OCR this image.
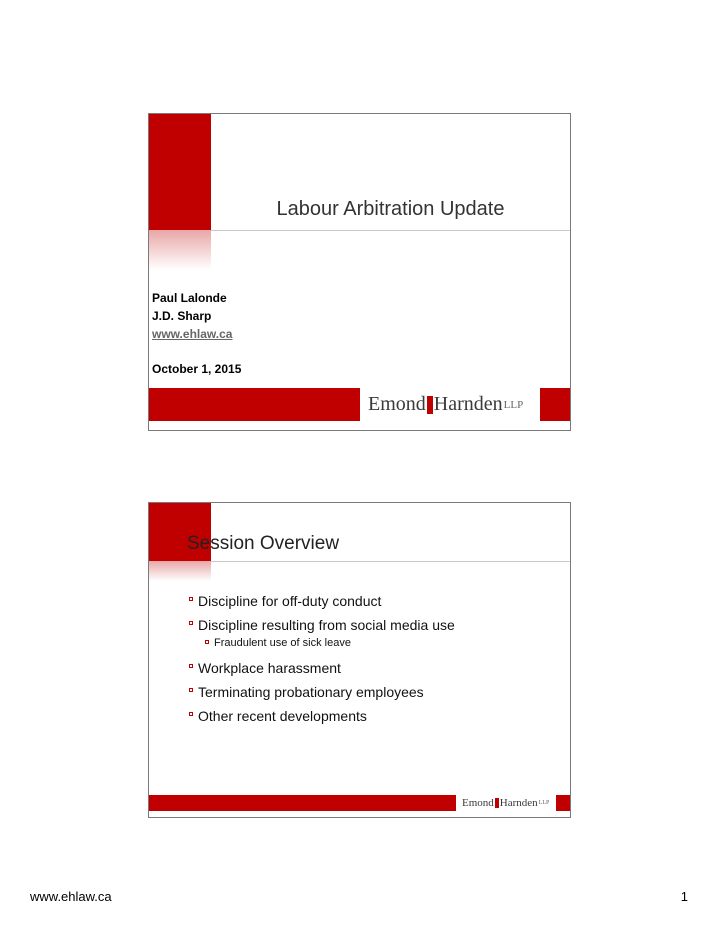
Labour Arbitration Update
Paul Lalonde
J.D. Sharp
www.ehlaw.ca
October 1, 2015
Emond Harnden LLP
Session Overview
Discipline for off-duty conduct
Discipline resulting from social media use
Fraudulent use of sick leave
Workplace harassment
Terminating probationary employees
Other recent developments
Emond Harnden LLP 2
www.ehlaw.ca	1
